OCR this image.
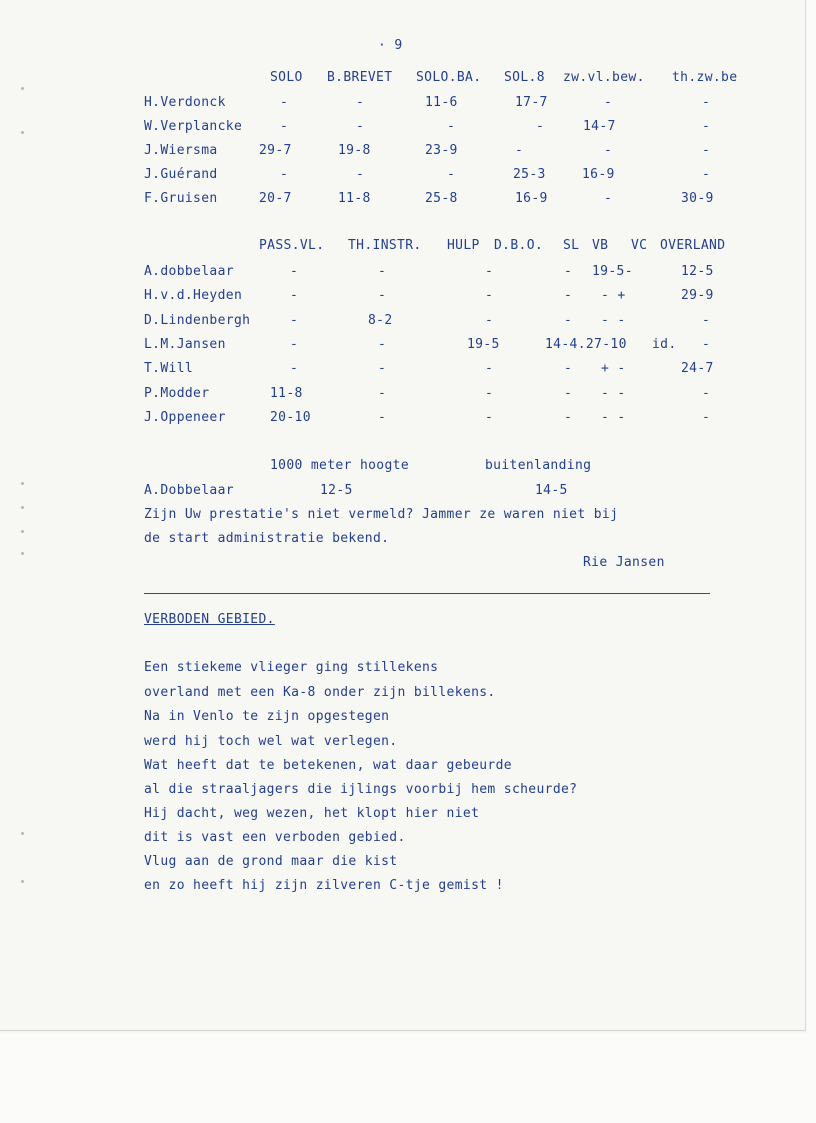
· 9
SOLO B.BREVET SOLO.BA. SOL.8 zw.vl.bew. th.zw.be
H.Verdonck	-	-	11-6	17-7	-	-
W.Verplancke	-	-	-	-	14-7	-
J.Wiersma	29-7	19-8	23-9	-	-	-
J.Guérand	-	-	-	25-3	16-9	-
F.Gruisen	20-7	11-8	25-8	16-9	-	30-9
PASS.VL. TH.INSTR. HULP D.B.O. SL VB VC OVERLAND
A.dobbelaar	-	-	-	- 19-5-	12-5
H.v.d.Heyden	-	-	-	- - +	29-9
D.Lindenbergh	-	8-2	-	- - -	-
L.M.Jansen	-	-	19-5	14-4.27-10 id. -
T.Will	-	-	-	- + -	24-7
P.Modder	11-8	-	-	- - -	-
J.Oppeneer	20-10	-	-	- - -	-
1000 meter hoogte	buitenlanding
A.Dobbelaar	12-5	14-5
Zijn Uw prestatie's niet vermeld? Jammer ze waren niet bij
de start administratie bekend.
Rie Jansen
VERBODEN GEBIED.
Een stiekeme vlieger ging stillekens
overland met een Ka-8 onder zijn billekens.
Na in Venlo te zijn opgestegen
werd hij toch wel wat verlegen.
Wat heeft dat te betekenen, wat daar gebeurde
al die straaljagers die ijlings voorbij hem scheurde?
Hij dacht, weg wezen, het klopt hier niet
dit is vast een verboden gebied.
Vlug aan de grond maar die kist
en zo heeft hij zijn zilveren C-tje gemist !
